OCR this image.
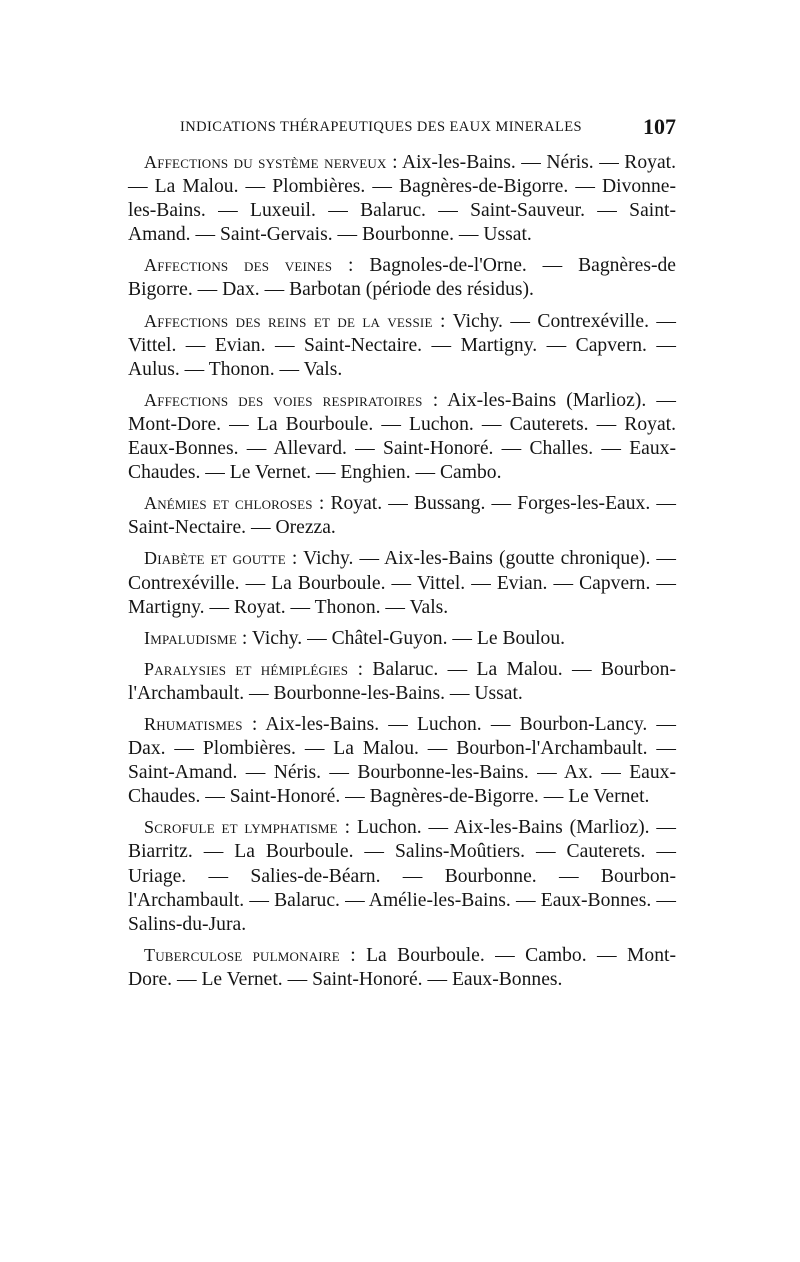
INDICATIONS THÉRAPEUTIQUES DES EAUX MINERALES	107

Affections du système nerveux : Aix-les-Bains. — Néris. — Royat. — La Malou. — Plombières. — Bagnères-de-Bigorre. — Divonne-les-Bains. — Luxeuil. — Balaruc. — Saint-Sauveur. — Saint-Amand. — Saint-Gervais. — Bourbonne. — Ussat.

Affections des veines : Bagnoles-de-l'Orne. — Bagnères-de Bigorre. — Dax. — Barbotan (période des résidus).

Affections des reins et de la vessie : Vichy. — Contrexéville. — Vittel. — Evian. — Saint-Nectaire. — Martigny. — Capvern. — Aulus. — Thonon. — Vals.

Affections des voies respiratoires : Aix-les-Bains (Marlioz). — Mont-Dore. — La Bourboule. — Luchon. — Cauterets. — Royat. Eaux-Bonnes. — Allevard. — Saint-Honoré. — Challes. — Eaux-Chaudes. — Le Vernet. — Enghien. — Cambo.

Anémies et chloroses : Royat. — Bussang. — Forges-les-Eaux. — Saint-Nectaire. — Orezza.

Diabète et goutte : Vichy. — Aix-les-Bains (goutte chronique). — Contrexéville. — La Bourboule. — Vittel. — Evian. — Capvern. — Martigny. — Royat. — Thonon. — Vals.

Impaludisme : Vichy. — Châtel-Guyon. — Le Boulou.

Paralysies et hémiplégies : Balaruc. — La Malou. — Bourbon-l'Archambault. — Bourbonne-les-Bains. — Ussat.

Rhumatismes : Aix-les-Bains. — Luchon. — Bourbon-Lancy. — Dax. — Plombières. — La Malou. — Bourbon-l'Archambault. — Saint-Amand. — Néris. — Bourbonne-les-Bains. — Ax. — Eaux-Chaudes. — Saint-Honoré. — Bagnères-de-Bigorre. — Le Vernet.

Scrofule et lymphatisme : Luchon. — Aix-les-Bains (Marlioz). — Biarritz. — La Bourboule. — Salins-Moûtiers. — Cauterets. — Uriage. — Salies-de-Béarn. — Bourbonne. — Bourbon-l'Archambault. — Balaruc. — Amélie-les-Bains. — Eaux-Bonnes. — Salins-du-Jura.

Tuberculose pulmonaire : La Bourboule. — Cambo. — Mont-Dore. — Le Vernet. — Saint-Honoré. — Eaux-Bonnes.
